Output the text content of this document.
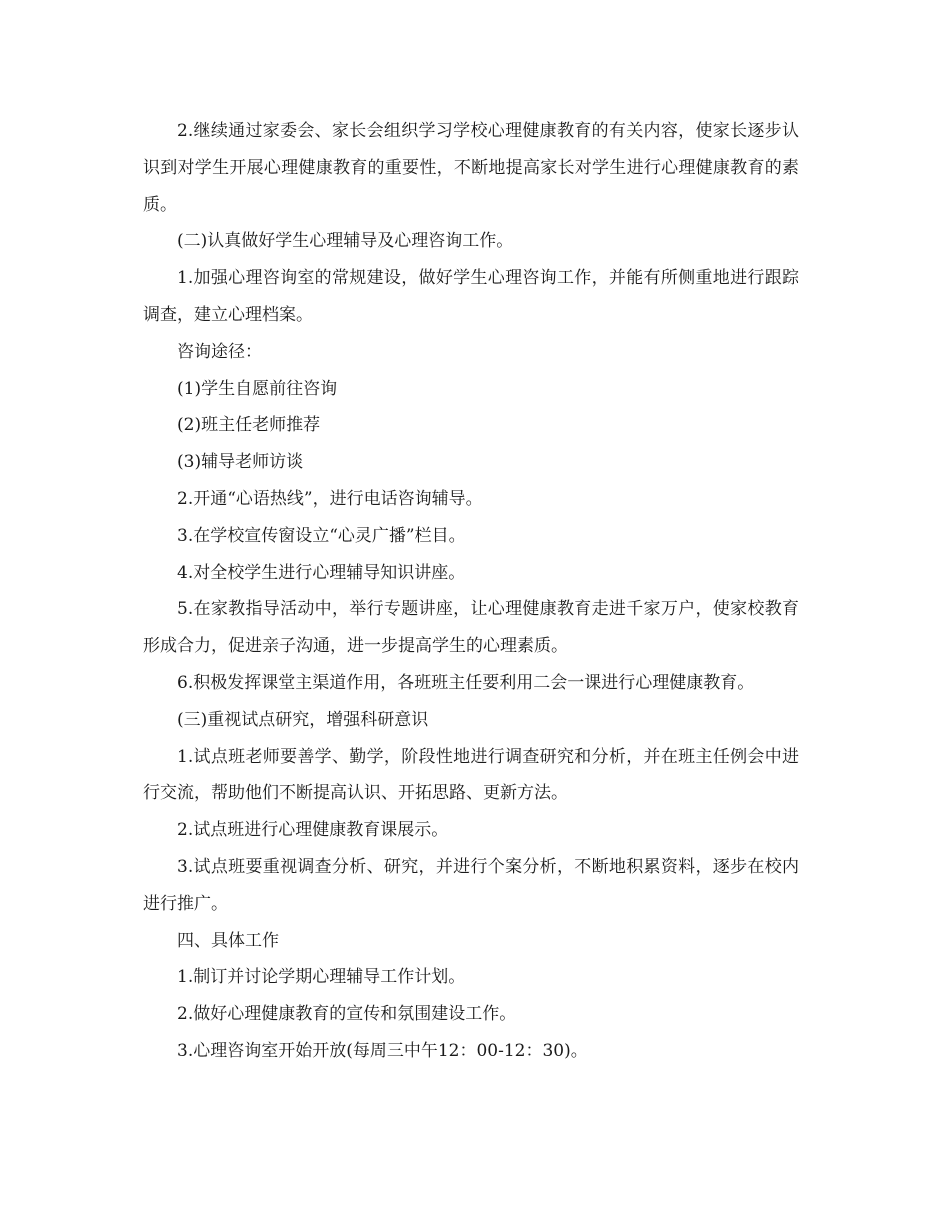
2.继续通过家委会、家长会组织学习学校心理健康教育的有关内容，使家长逐步认识到对学生开展心理健康教育的重要性，不断地提高家长对学生进行心理健康教育的素质。

(二)认真做好学生心理辅导及心理咨询工作。

1.加强心理咨询室的常规建设，做好学生心理咨询工作，并能有所侧重地进行跟踪调查，建立心理档案。

咨询途径：

(1)学生自愿前往咨询

(2)班主任老师推荐

(3)辅导老师访谈

2.开通“心语热线”，进行电话咨询辅导。

3.在学校宣传窗设立“心灵广播”栏目。

4.对全校学生进行心理辅导知识讲座。

5.在家教指导活动中，举行专题讲座，让心理健康教育走进千家万户，使家校教育形成合力，促进亲子沟通，进一步提高学生的心理素质。

6.积极发挥课堂主渠道作用，各班班主任要利用二会一课进行心理健康教育。

(三)重视试点研究，增强科研意识

1.试点班老师要善学、勤学，阶段性地进行调查研究和分析，并在班主任例会中进行交流，帮助他们不断提高认识、开拓思路、更新方法。

2.试点班进行心理健康教育课展示。

3.试点班要重视调查分析、研究，并进行个案分析，不断地积累资料，逐步在校内进行推广。

四、具体工作

1.制订并讨论学期心理辅导工作计划。

2.做好心理健康教育的宣传和氛围建设工作。

3.心理咨询室开始开放(每周三中午12：00-12：30)。
